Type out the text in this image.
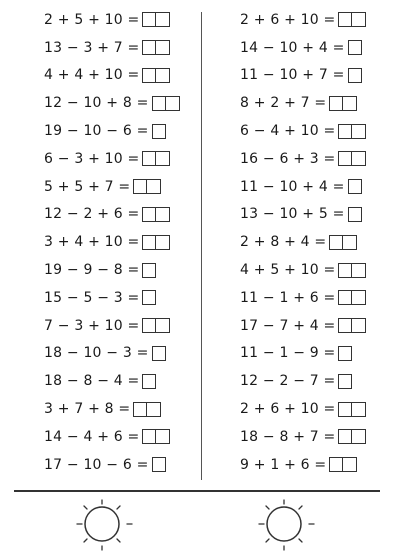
2 + 5 + 10 =
13 − 3 + 7 =
4 + 4 + 10 =
12 − 10 + 8 =
19 − 10 − 6 =
6 − 3 + 10 =
5 + 5 + 7 =
12 − 2 + 6 =
3 + 4 + 10 =
19 − 9 − 8 =
15 − 5 − 3 =
7 − 3 + 10 =
18 − 10 − 3 =
18 − 8 − 4 =
3 + 7 + 8 =
14 − 4 + 6 =
17 − 10 − 6 =
2 + 6 + 10 =
14 − 10 + 4 =
11 − 10 + 7 =
8 + 2 + 7 =
6 − 4 + 10 =
16 − 6 + 3 =
11 − 10 + 4 =
13 − 10 + 5 =
2 + 8 + 4 =
4 + 5 + 10 =
11 − 1 + 6 =
17 − 7 + 4 =
11 − 1 − 9 =
12 − 2 − 7 =
2 + 6 + 10 =
18 − 8 + 7 =
9 + 1 + 6 =
